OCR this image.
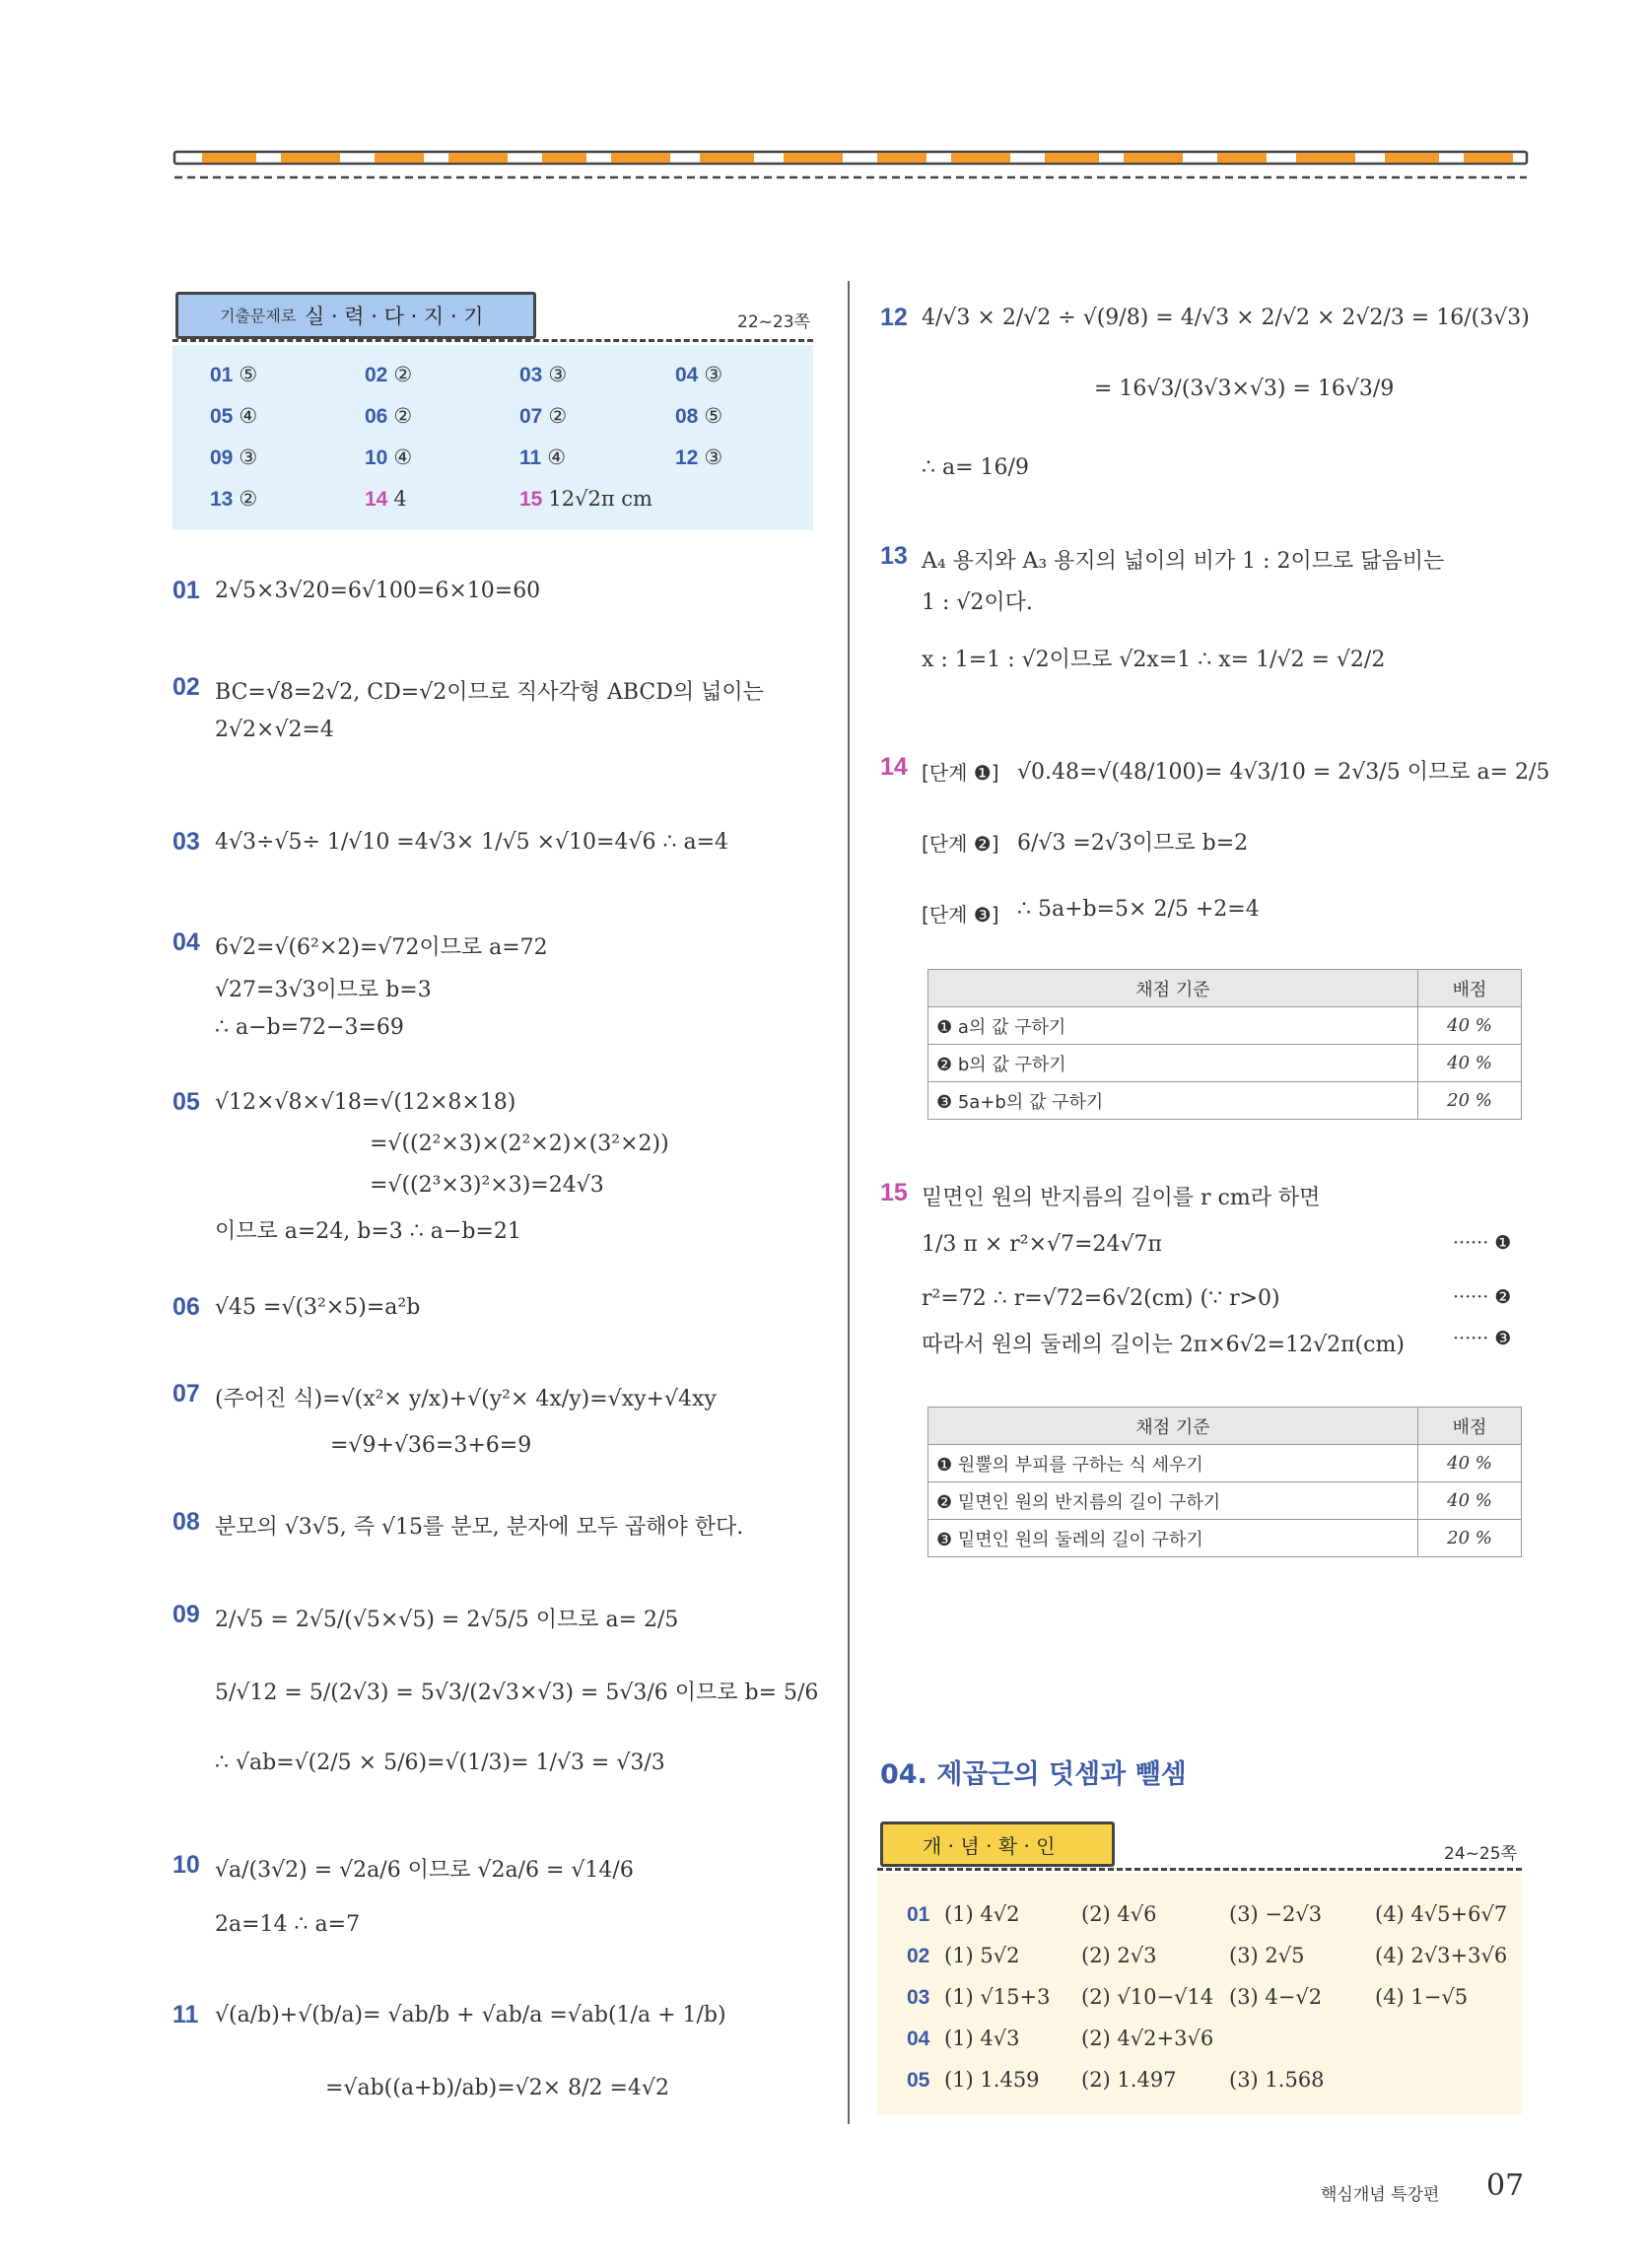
기출문제로 실 · 력 · 다 · 지 · 기	22~23쪽
01 ⑤	02 ②	03 ③	04 ③
05 ④	06 ②	07 ②	08 ⑤
09 ③	10 ④	11 ④	12 ③
13 ②	14 4	15 12√2π cm
01 2√5×3√20=6√100=6×10=60
02 BC=√8=2√2, CD=√2이므로 직사각형 ABCD의 넓이는
2√2×√2=4
03 4√3÷√5÷ 1/√10 =4√3× 1/√5 ×√10=4√6 ∴ a=4
04 6√2=√(6²×2)=√72이므로 a=72
√27=3√3이므로 b=3
∴ a−b=72−3=69
05 √12×√8×√18=√(12×8×18)
=√((2²×3)×(2²×2)×(3²×2))
=√((2³×3)²×3)=24√3
이므로 a=24, b=3 ∴ a−b=21
06 √45 =√(3²×5)=a²b
07 (주어진 식)=√(x²× y/x)+√(y²× 4x/y)=√xy+√4xy
=√9+√36=3+6=9
08 분모의 √3√5, 즉 √15를 분모, 분자에 모두 곱해야 한다.
09 2/√5 = 2√5/(√5×√5) = 2√5/5 이므로 a= 2/5
5/√12 = 5/(2√3) = 5√3/(2√3×√3) = 5√3/6 이므로 b= 5/6
∴ √ab=√(2/5 × 5/6)=√(1/3)= 1/√3 = √3/3
10 √a/(3√2) = √2a/6 이므로 √2a/6 = √14/6
2a=14 ∴ a=7
11 √(a/b)+√(b/a)= √ab/b + √ab/a =√ab(1/a + 1/b)
=√ab((a+b)/ab)=√2× 8/2 =4√2
12 4/√3 × 2/√2 ÷ √(9/8) = 4/√3 × 2/√2 × 2√2/3 = 16/(3√3)
= 16√3/(3√3×√3) = 16√3/9
∴ a= 16/9
13 A₄ 용지와 A₃ 용지의 넓이의 비가 1 : 2이므로 닮음비는
1 : √2이다.
x : 1=1 : √2이므로 √2x=1 ∴ x= 1/√2 = √2/2
14 [단계 ❶] √0.48=√(48/100)= 4√3/10 = 2√3/5 이므로 a= 2/5
[단계 ❷] 6/√3 =2√3이므로 b=2
[단계 ❸] ∴ 5a+b=5× 2/5 +2=4
채점 기준	배점
❶ a의 값 구하기	40 %
❷ b의 값 구하기	40 %
❸ 5a+b의 값 구하기	20 %
15 밑면인 원의 반지름의 길이를 r cm라 하면
1/3 π × r²×√7=24√7π	······ ❶
r²=72 ∴ r=√72=6√2(cm) (∵ r>0)	······ ❷
따라서 원의 둘레의 길이는 2π×6√2=12√2π(cm)	······ ❸
채점 기준	배점
❶ 원뿔의 부피를 구하는 식 세우기	40 %
❷ 밑면인 원의 반지름의 길이 구하기	40 %
❸ 밑면인 원의 둘레의 길이 구하기	20 %
04. 제곱근의 덧셈과 뺄셈
개 · 념 · 확 · 인	24~25쪽
01 (1) 4√2	(2) 4√6	(3) −2√3	(4) 4√5+6√7
02 (1) 5√2	(2) 2√3	(3) 2√5	(4) 2√3+3√6
03 (1) √15+3 (2) √10−√14 (3) 4−√2	(4) 1−√5
04 (1) 4√3	(2) 4√2+3√6
05 (1) 1.459 (2) 1.497	(3) 1.568
핵심개념 특강편 07
